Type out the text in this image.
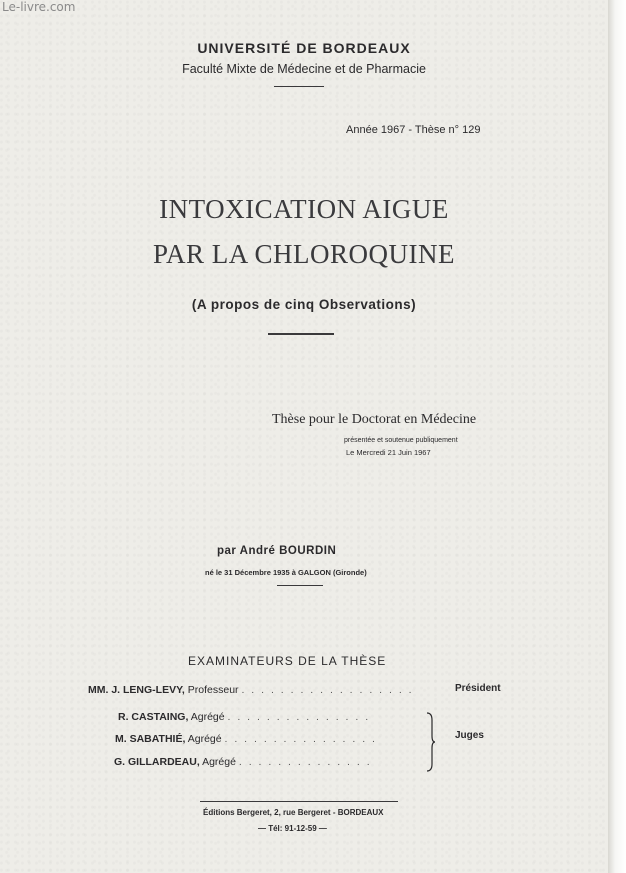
Le-livre.com
UNIVERSITÉ DE BORDEAUX
Faculté Mixte de Médecine et de Pharmacie
Année 1967 - Thèse n° 129
INTOXICATION AIGUE
PAR LA CHLOROQUINE
(A propos de cinq Observations)
Thèse pour le Doctorat en Médecine
présentée et soutenue publiquement
Le Mercredi 21 Juin 1967
par André BOURDIN
né le 31 Décembre 1935 à GALGON (Gironde)
EXAMINATEURS DE LA THÈSE
MM. J. LENG-LEVY, Professeur . . . . . . . . . . . . . . . . . .
R. CASTAING, Agrégé . . . . . . . . . . . . . . .
M. SABATHIÉ, Agrégé . . . . . . . . . . . . . . . .
G. GILLARDEAU, Agrégé . . . . . . . . . . . . . .
Président
Juges
Éditions Bergeret, 2, rue Bergeret - BORDEAUX
— Tél: 91-12-59 —
